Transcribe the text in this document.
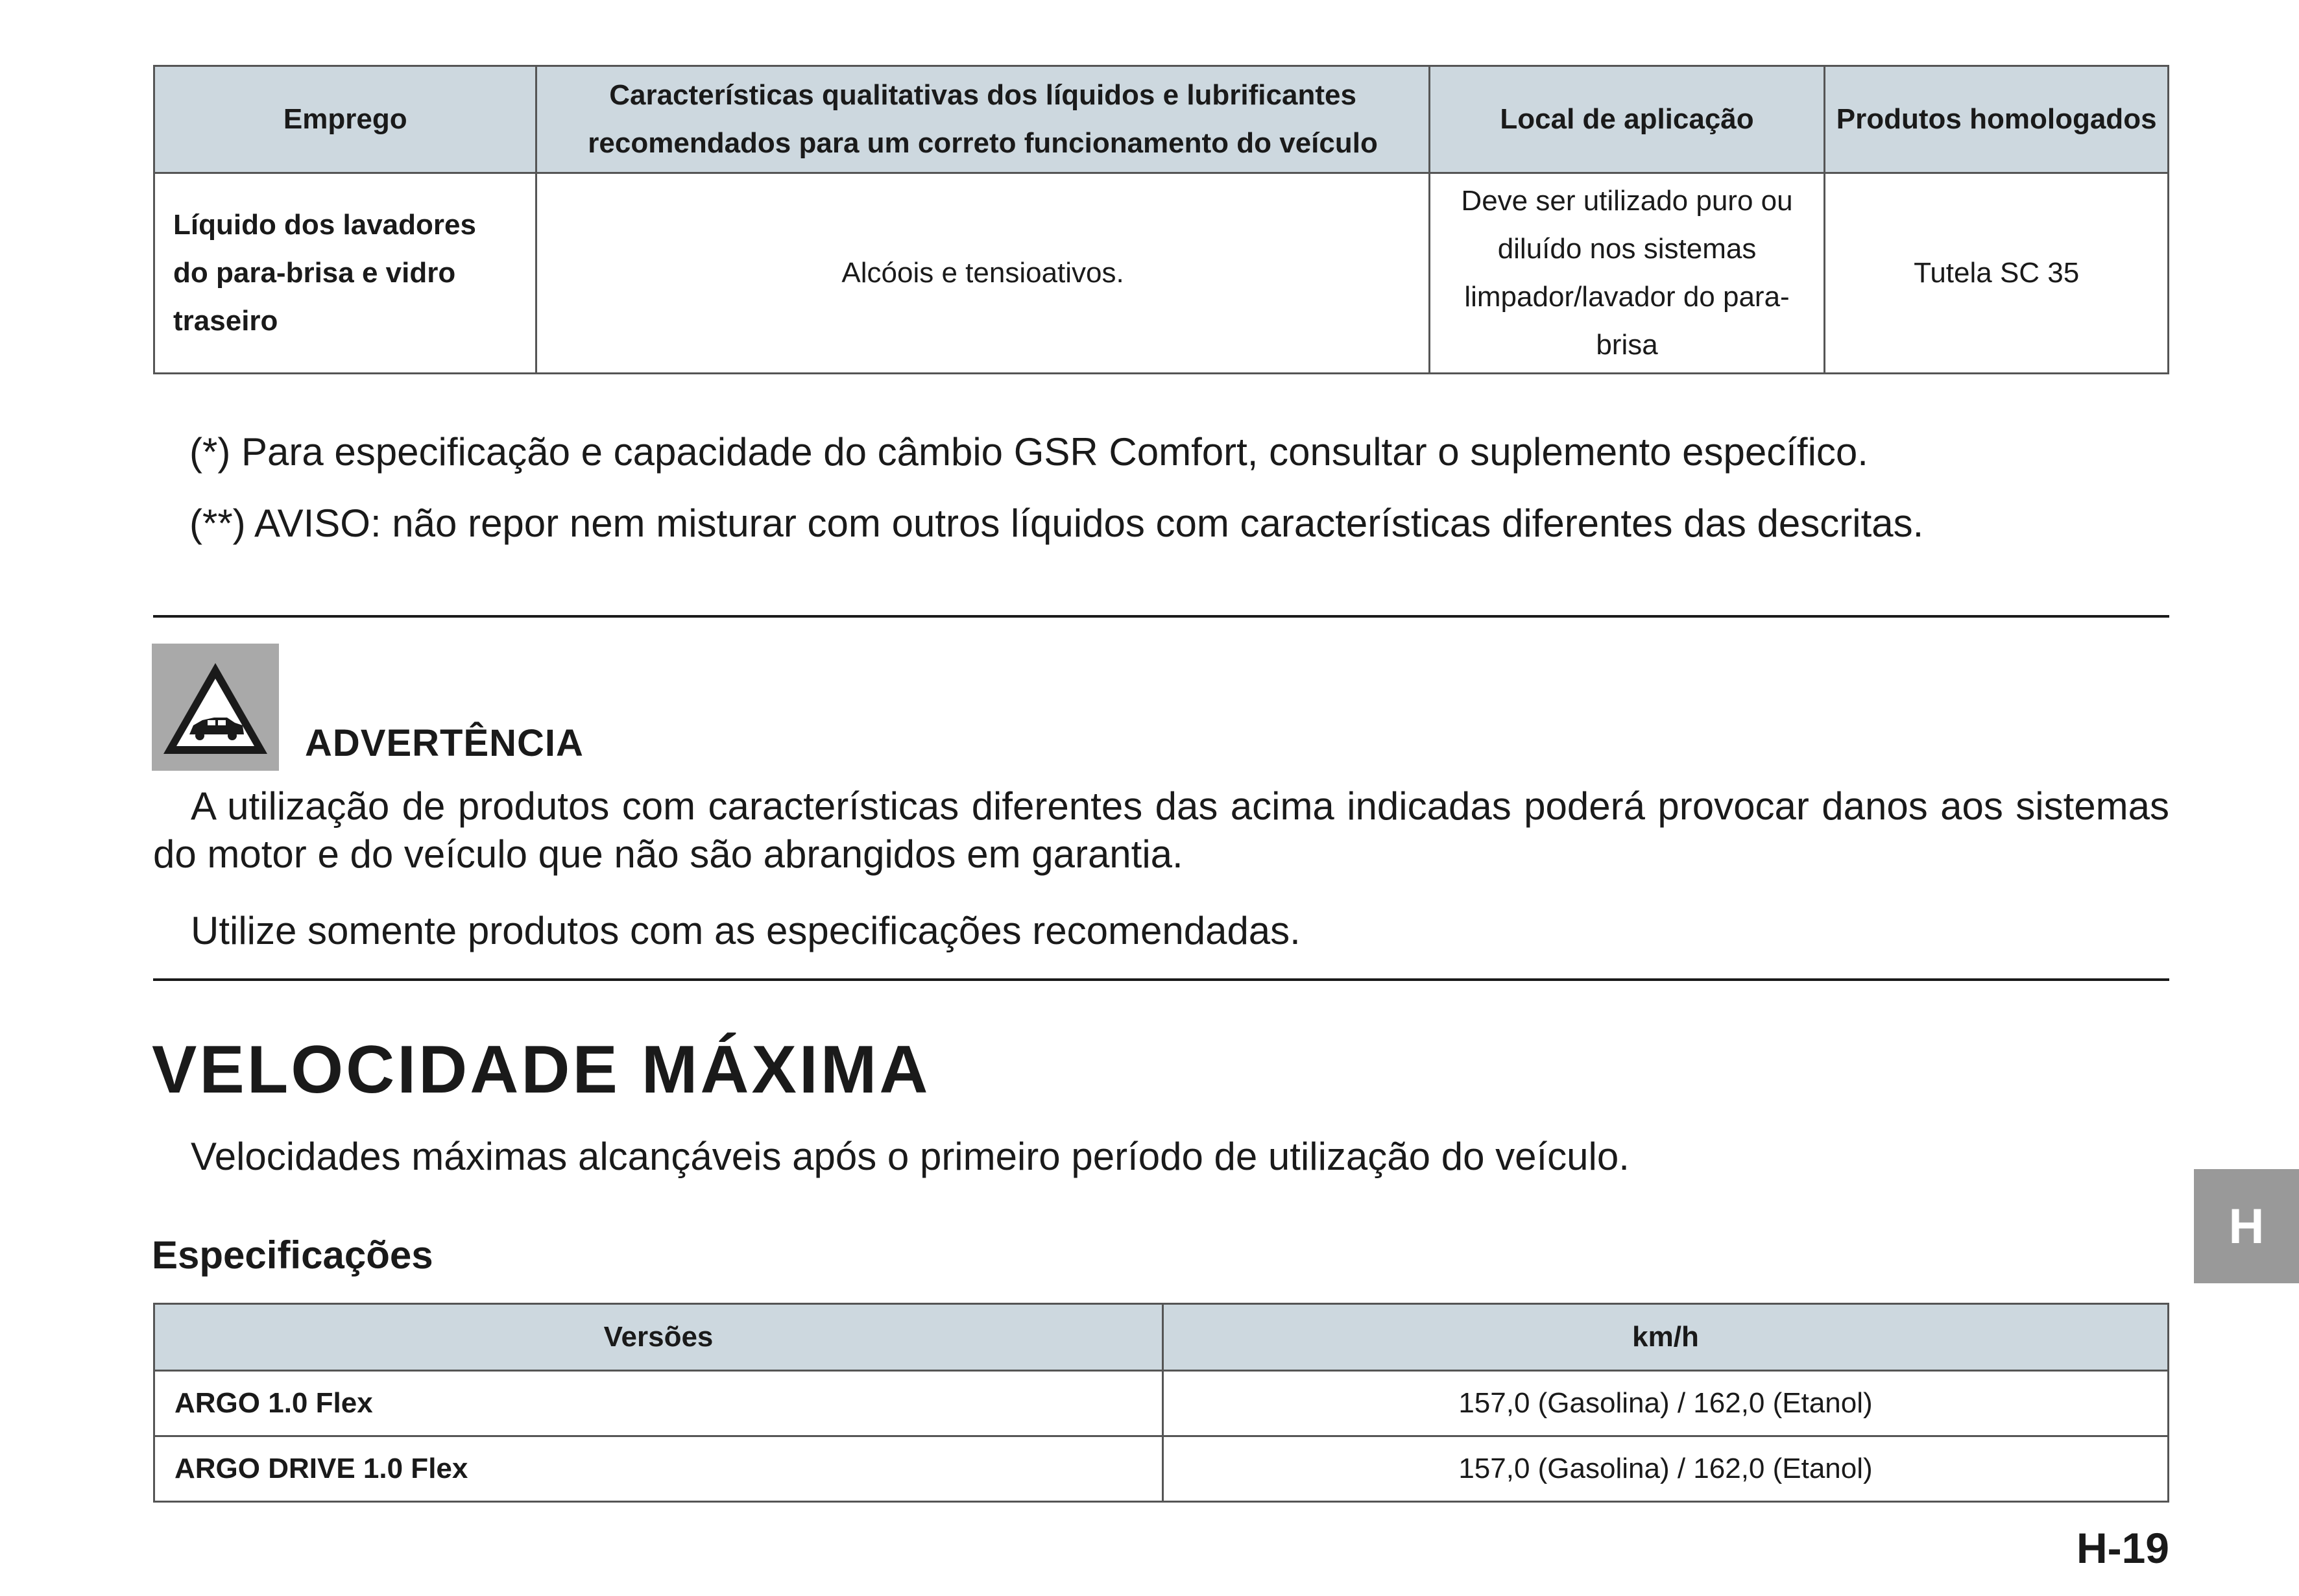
Emprego	Características qualitativas dos líquidos e lubrificantes recomendados para um correto funcionamento do veículo	Local de aplicação	Produtos homologados
Líquido dos lavadores do para-brisa e vidro traseiro	Alcóois e tensioativos.	Deve ser utilizado puro ou diluído nos sistemas limpador/lavador do para-brisa	Tutela SC 35
(*) Para especificação e capacidade do câmbio GSR Comfort, consultar o suplemento específico.
(**) AVISO: não repor nem misturar com outros líquidos com características diferentes das descritas.
ADVERTÊNCIA
A utilização de produtos com características diferentes das acima indicadas poderá provocar danos aos sistemas do motor e do veículo que não são abrangidos em garantia.
Utilize somente produtos com as especificações recomendadas.
VELOCIDADE MÁXIMA
Velocidades máximas alcançáveis após o primeiro período de utilização do veículo.
Especificações
Versões	km/h
ARGO 1.0 Flex	157,0 (Gasolina) / 162,0 (Etanol)
ARGO DRIVE 1.0 Flex	157,0 (Gasolina) / 162,0 (Etanol)
H
H-19
